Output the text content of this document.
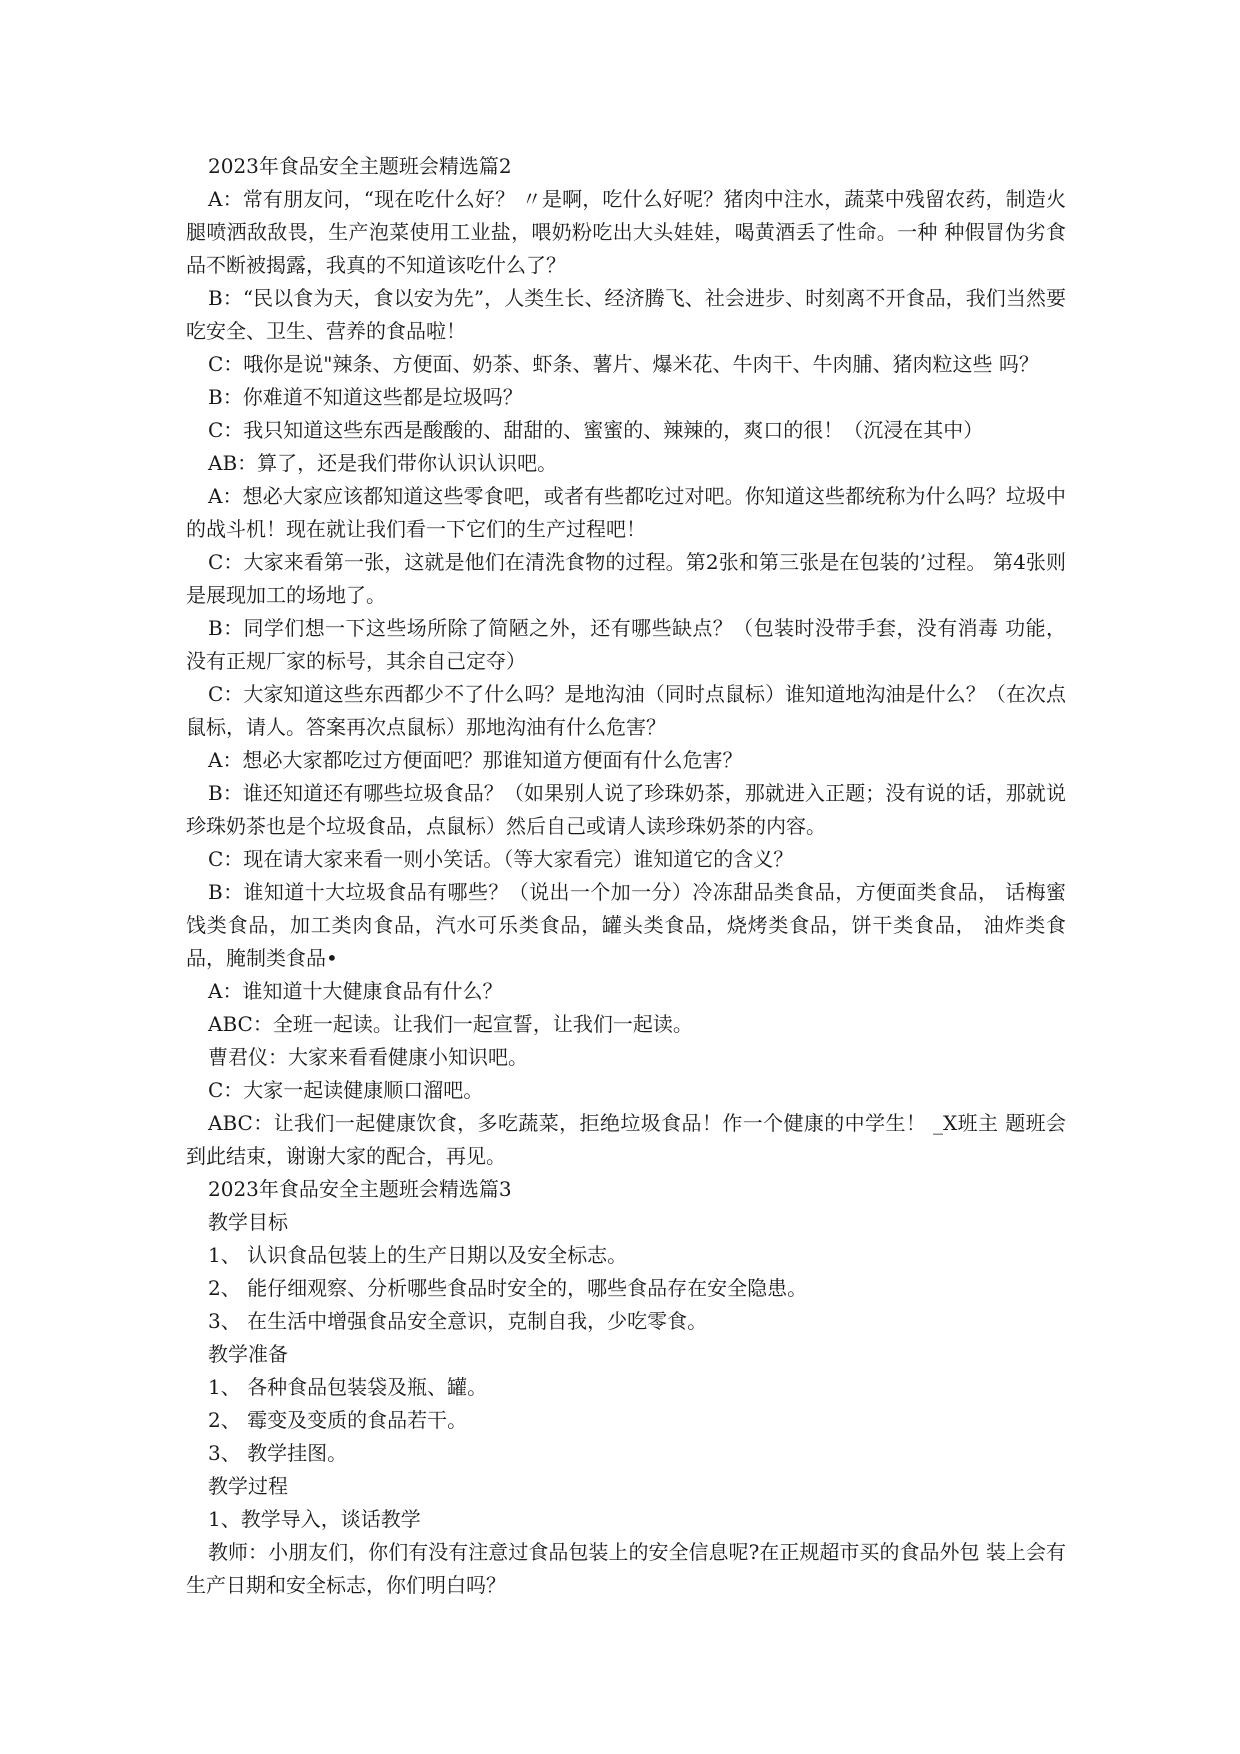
2023年食品安全主题班会精选篇2

A：常有朋友问，“现在吃什么好？ 〃是啊，吃什么好呢？猪肉中注水，蔬菜中残留农药，制造火腿喷洒敌敌畏，生产泡菜使用工业盐，喂奶粉吃出大头娃娃，喝黄酒丢了性命。一种 种假冒伪劣食品不断被揭露，我真的不知道该吃什么了？

B：“民以食为天，食以安为先”，人类生长、经济腾飞、社会进步、时刻离不开食品，我们当然要吃安全、卫生、营养的食品啦！

C：哦你是说"辣条、方便面、奶茶、虾条、薯片、爆米花、牛肉干、牛肉脯、猪肉粒这些 吗？

B：你难道不知道这些都是垃圾吗？

C：我只知道这些东西是酸酸的、甜甜的、蜜蜜的、辣辣的，爽口的很！（沉浸在其中）

AB：算了，还是我们带你认识认识吧。

A：想必大家应该都知道这些零食吧，或者有些都吃过对吧。你知道这些都统称为什么吗？垃圾中的战斗机！现在就让我们看一下它们的生产过程吧！

C：大家来看第一张，这就是他们在清洗食物的过程。第2张和第三张是在包装的’过程。 第4张则是展现加工的场地了。

B：同学们想一下这些场所除了简陋之外，还有哪些缺点？（包装时没带手套，没有消毒 功能，没有正规厂家的标号，其余自己定夺）

C：大家知道这些东西都少不了什么吗？是地沟油（同时点鼠标）谁知道地沟油是什么？（在次点鼠标，请人。答案再次点鼠标）那地沟油有什么危害？

A：想必大家都吃过方便面吧？那谁知道方便面有什么危害？

B：谁还知道还有哪些垃圾食品？（如果别人说了珍珠奶茶，那就进入正题；没有说的话，那就说珍珠奶茶也是个垃圾食品，点鼠标）然后自己或请人读珍珠奶茶的内容。

C：现在请大家来看一则小笑话。（等大家看完）谁知道它的含义？

B：谁知道十大垃圾食品有哪些？（说出一个加一分）冷冻甜品类食品，方便面类食品， 话梅蜜饯类食品，加工类肉食品，汽水可乐类食品，罐头类食品，烧烤类食品，饼干类食品， 油炸类食品，腌制类食品•

A：谁知道十大健康食品有什么？

ABC：全班一起读。让我们一起宣誓，让我们一起读。

曹君仪：大家来看看健康小知识吧。

C：大家一起读健康顺口溜吧。

ABC：让我们一起健康饮食，多吃蔬菜，拒绝垃圾食品！作一个健康的中学生！ _X班主 题班会到此结束，谢谢大家的配合，再见。

2023年食品安全主题班会精选篇3

教学目标

1、 认识食品包装上的生产日期以及安全标志。

2、 能仔细观察、分析哪些食品时安全的，哪些食品存在安全隐患。

3、 在生活中增强食品安全意识，克制自我，少吃零食。

教学准备

1、 各种食品包装袋及瓶、罐。

2、 霉变及变质的食品若干。

3、 教学挂图。

教学过程

1、教学导入，谈话教学

教师：小朋友们，你们有没有注意过食品包装上的安全信息呢?在正规超市买的食品外包 装上会有生产日期和安全标志，你们明白吗？
